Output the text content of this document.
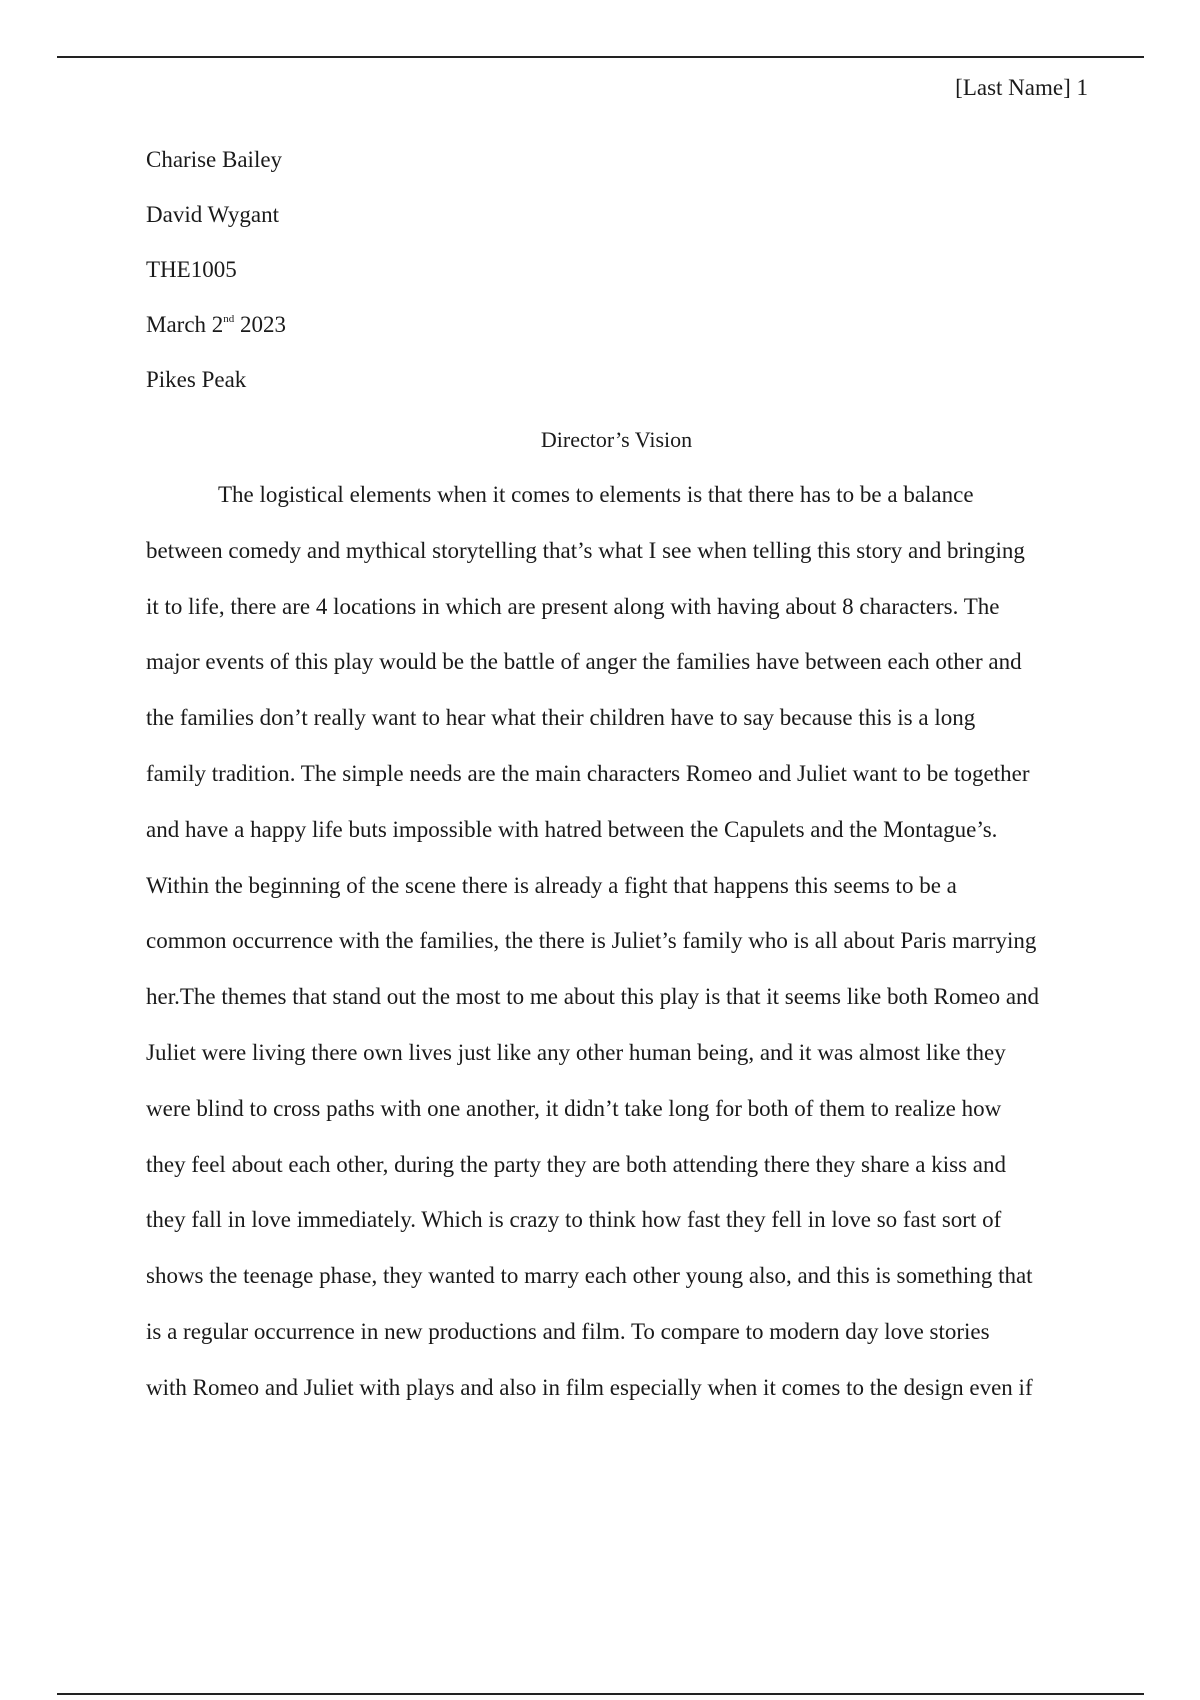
[Last Name] 1
Charise Bailey
David Wygant
THE1005
March 2nd 2023
Pikes Peak
Director’s Vision
The logistical elements when it comes to elements is that there has to be a balance
between comedy and mythical storytelling that’s what I see when telling this story and bringing
it to life, there are 4 locations in which are present along with having about 8 characters. The
major events of this play would be the battle of anger the families have between each other and
the families don’t really want to hear what their children have to say because this is a long
family tradition. The simple needs are the main characters Romeo and Juliet want to be together
and have a happy life buts impossible with hatred between the Capulets and the Montague’s.
Within the beginning of the scene there is already a fight that happens this seems to be a
common occurrence with the families, the there is Juliet’s family who is all about Paris marrying
her.The themes that stand out the most to me about this play is that it seems like both Romeo and
Juliet were living there own lives just like any other human being, and it was almost like they
were blind to cross paths with one another, it didn’t take long for both of them to realize how
they feel about each other, during the party they are both attending there they share a kiss and
they fall in love immediately. Which is crazy to think how fast they fell in love so fast sort of
shows the teenage phase, they wanted to marry each other young also, and this is something that
is a regular occurrence in new productions and film. To compare to modern day love stories
with Romeo and Juliet with plays and also in film especially when it comes to the design even if
